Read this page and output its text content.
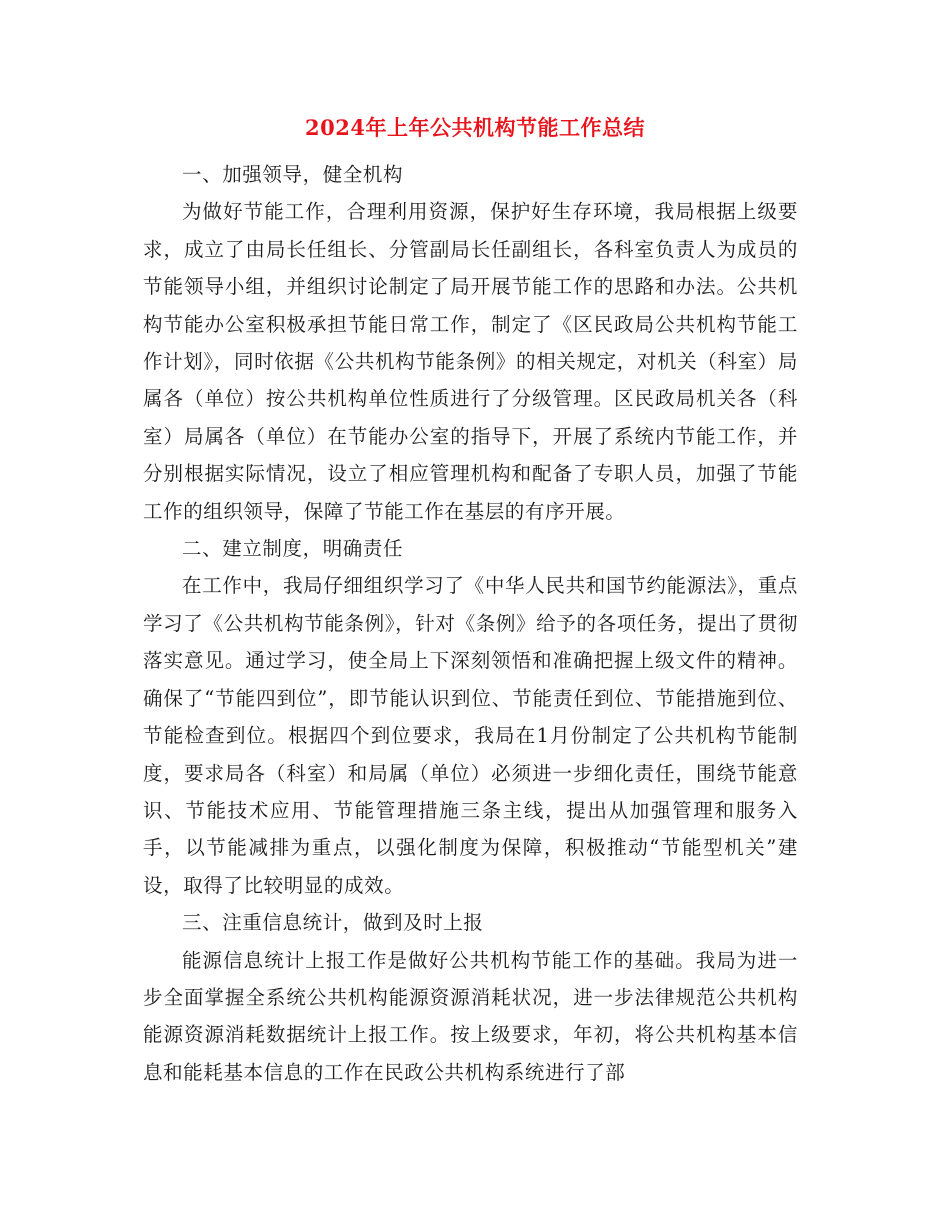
2024年上年公共机构节能工作总结

一、加强领导，健全机构

为做好节能工作，合理利用资源，保护好生存环境，我局根据上级要求，成立了由局长任组长、分管副局长任副组长，各科室负责人为成员的节能领导小组，并组织讨论制定了局开展节能工作的思路和办法。公共机构节能办公室积极承担节能日常工作，制定了《区民政局公共机构节能工作计划》，同时依据《公共机构节能条例》的相关规定，对机关（科室）局属各（单位）按公共机构单位性质进行了分级管理。区民政局机关各（科室）局属各（单位）在节能办公室的指导下，开展了系统内节能工作，并分别根据实际情况，设立了相应管理机构和配备了专职人员，加强了节能工作的组织领导，保障了节能工作在基层的有序开展。

二、建立制度，明确责任

在工作中，我局仔细组织学习了《中华人民共和国节约能源法》，重点学习了《公共机构节能条例》，针对《条例》给予的各项任务，提出了贯彻落实意见。通过学习，使全局上下深刻领悟和准确把握上级文件的精神。确保了“节能四到位”，即节能认识到位、节能责任到位、节能措施到位、节能检查到位。根据四个到位要求，我局在1月份制定了公共机构节能制度，要求局各（科室）和局属（单位）必须进一步细化责任，围绕节能意识、节能技术应用、节能管理措施三条主线，提出从加强管理和服务入手，以节能减排为重点，以强化制度为保障，积极推动“节能型机关”建设，取得了比较明显的成效。

三、注重信息统计，做到及时上报

能源信息统计上报工作是做好公共机构节能工作的基础。我局为进一步全面掌握全系统公共机构能源资源消耗状况，进一步法律规范公共机构能源资源消耗数据统计上报工作。按上级要求，年初，将公共机构基本信息和能耗基本信息的工作在民政公共机构系统进行了部
